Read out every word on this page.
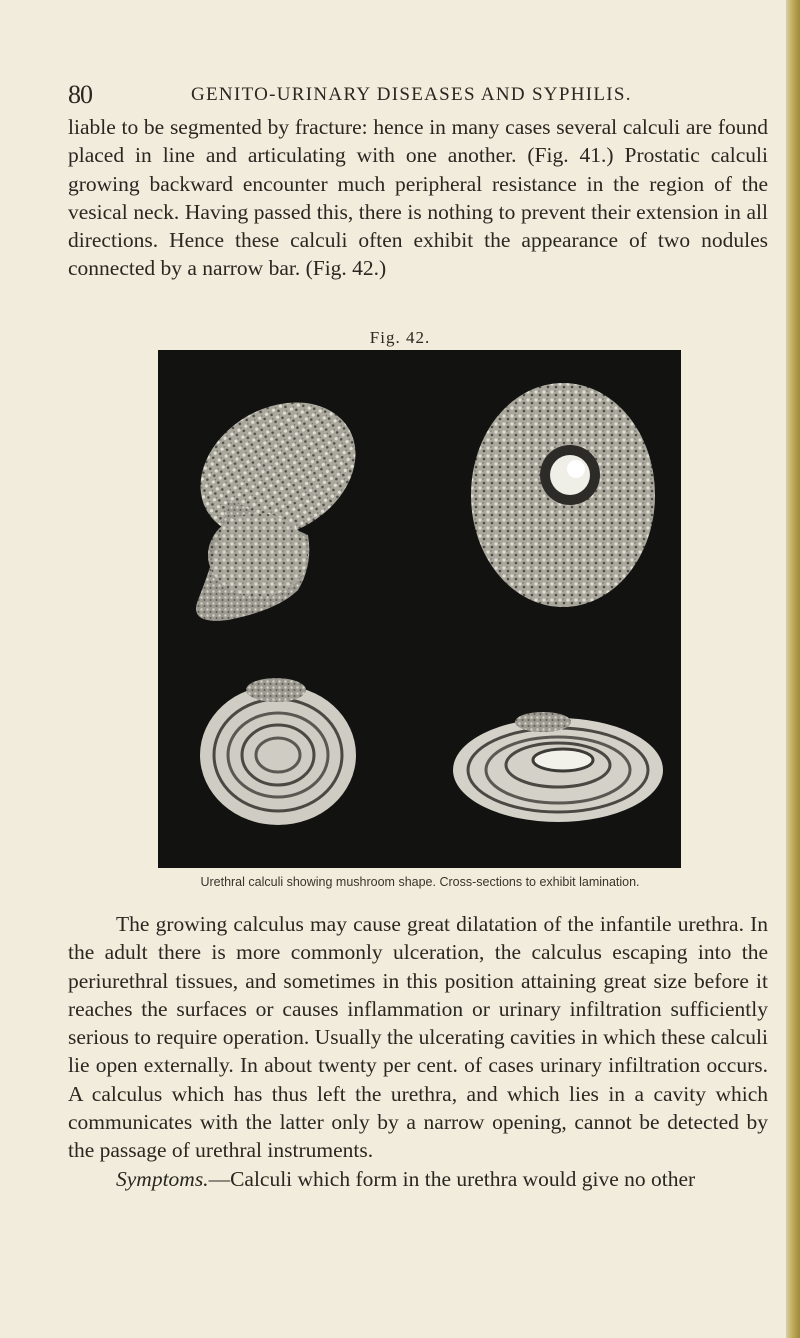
80	GENITO-URINARY DISEASES AND SYPHILIS.

liable to be segmented by fracture: hence in many cases several calculi are found placed in line and articulating with one another. (Fig. 41.) Prostatic calculi growing backward encounter much peripheral resistance in the region of the vesical neck. Having passed this, there is nothing to prevent their extension in all directions. Hence these calculi often exhibit the appearance of two nodules connected by a narrow bar. (Fig. 42.)

Fig. 42.
Urethral calculi showing mushroom shape. Cross-sections to exhibit lamination.

The growing calculus may cause great dilatation of the infantile urethra. In the adult there is more commonly ulceration, the calculus escaping into the periurethral tissues, and sometimes in this position attaining great size before it reaches the surfaces or causes inflammation or urinary infiltration sufficiently serious to require operation. Usually the ulcerating cavities in which these calculi lie open externally. In about twenty per cent. of cases urinary infiltration occurs. A calculus which has thus left the urethra, and which lies in a cavity which communicates with the latter only by a narrow opening, cannot be detected by the passage of urethral instruments.

Symptoms.—Calculi which form in the urethra would give no other
